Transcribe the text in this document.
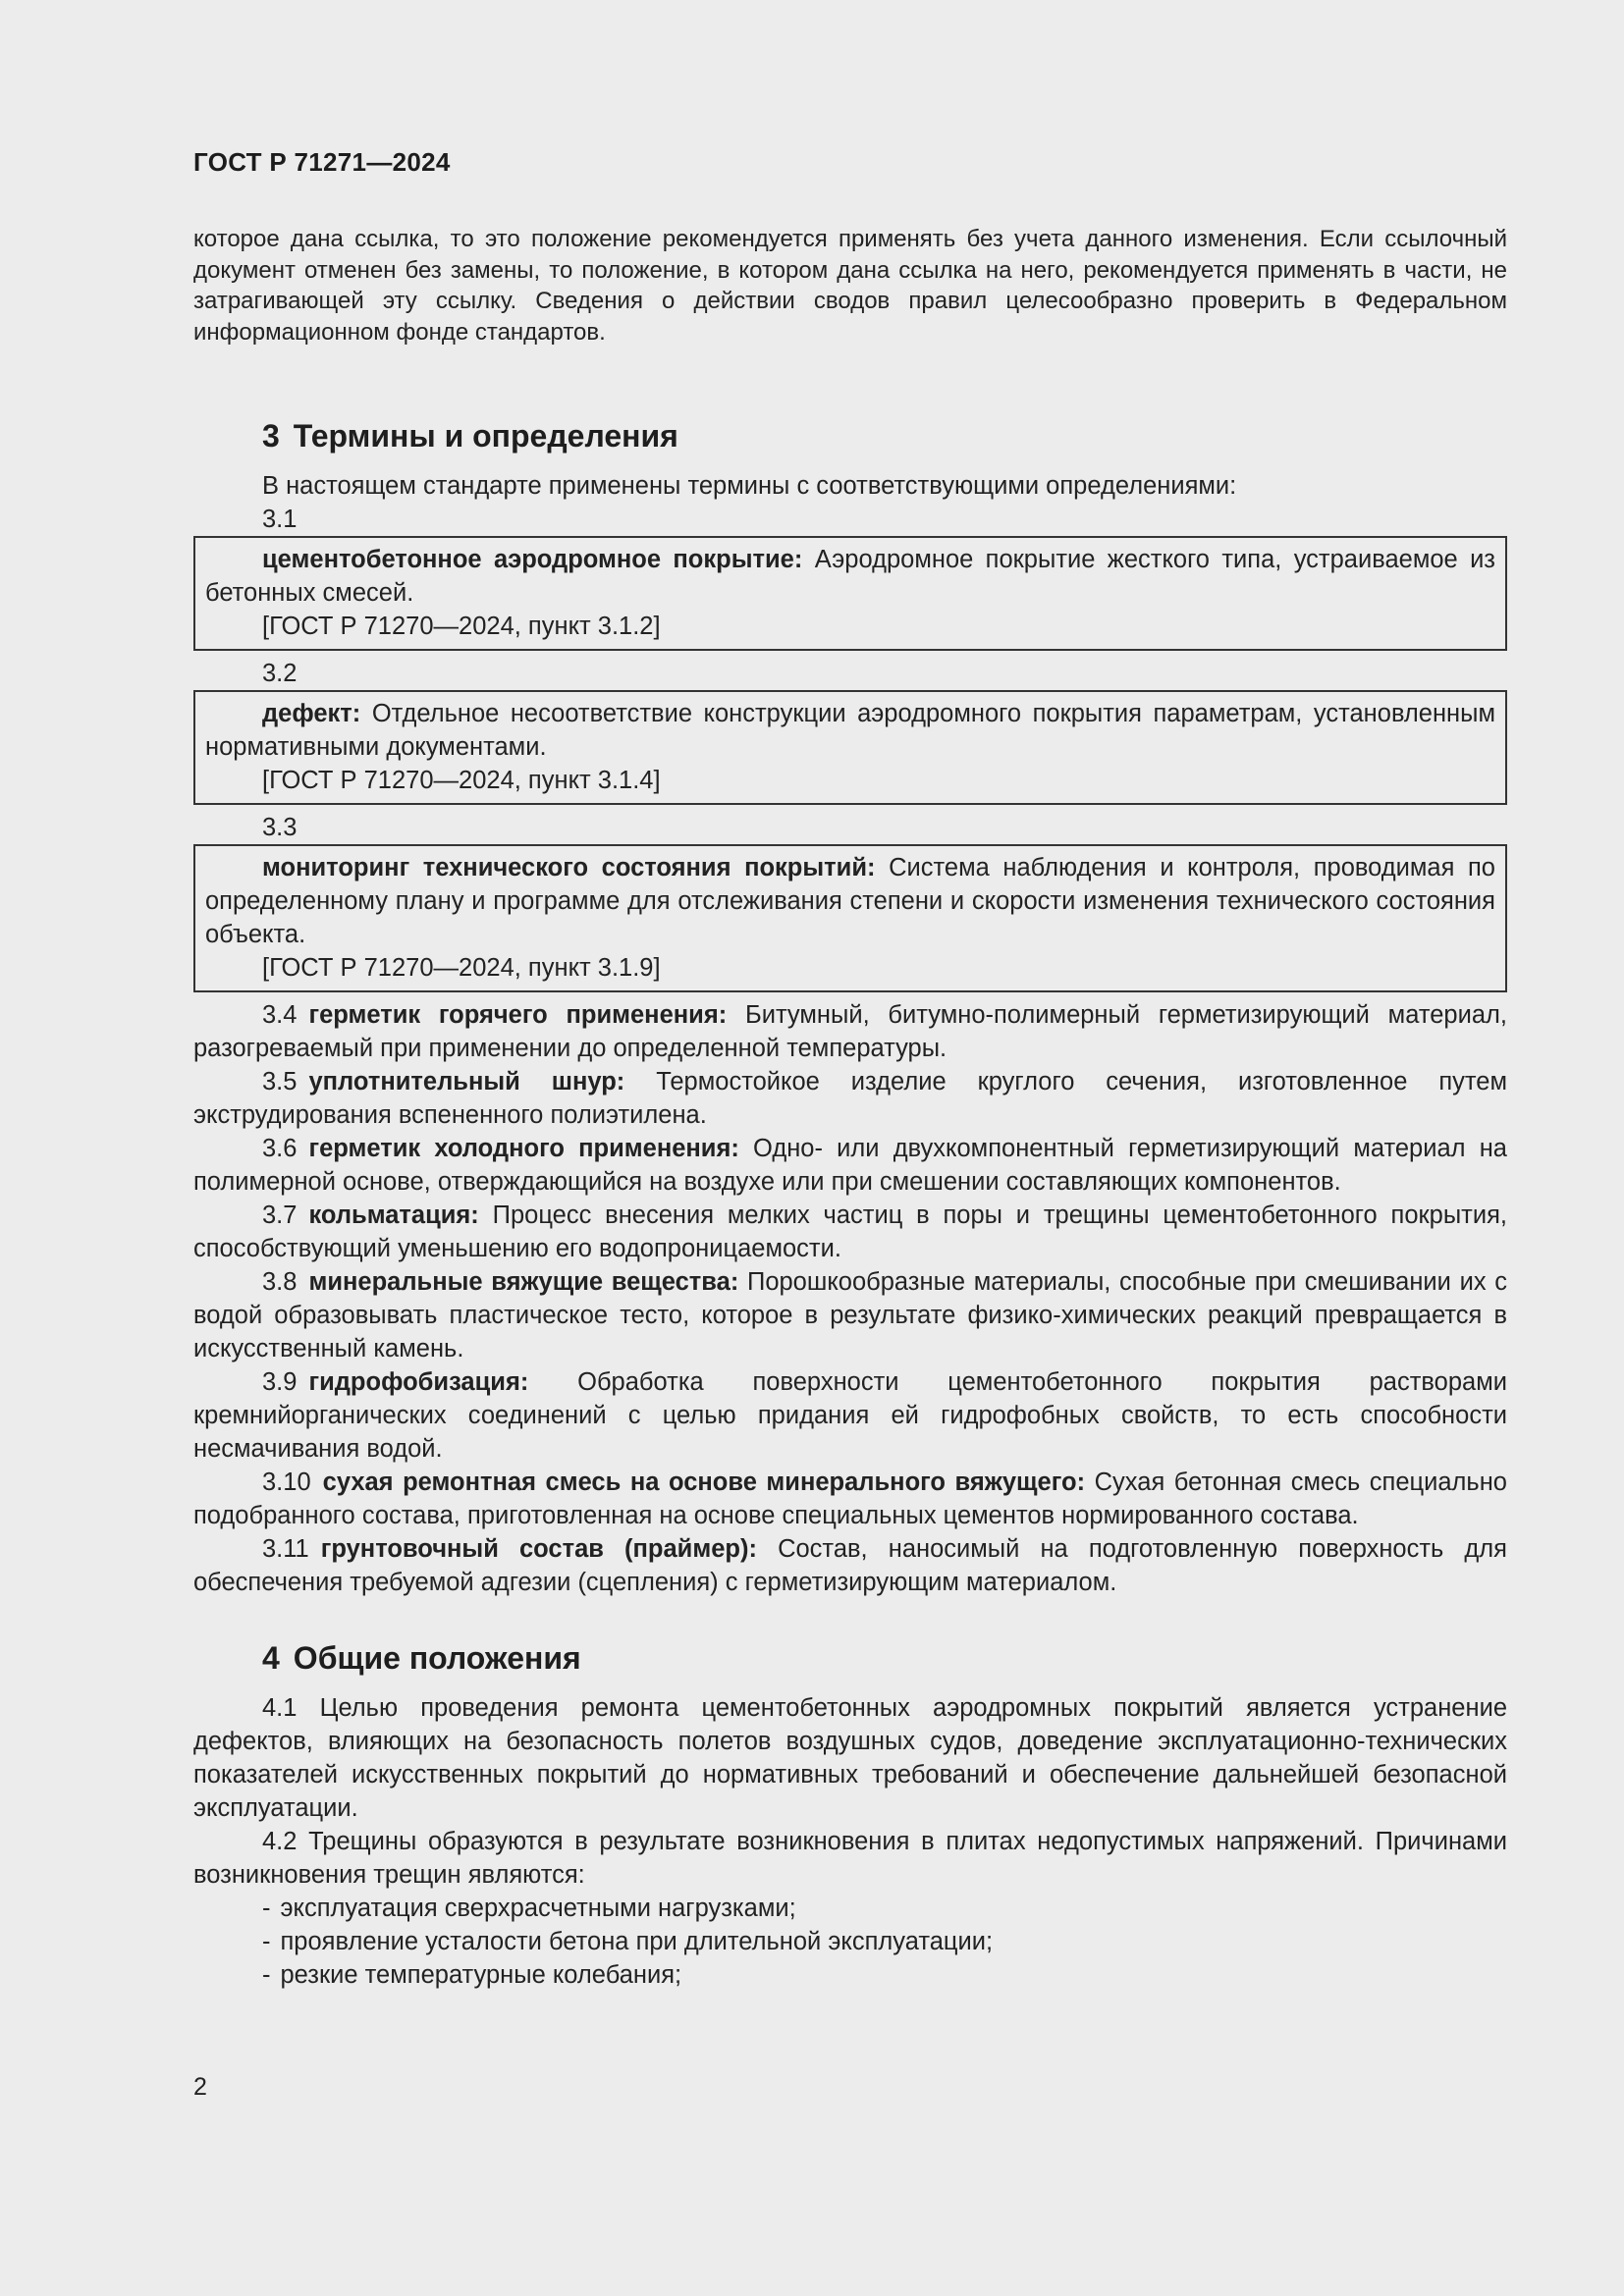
ГОСТ Р 71271—2024

которое дана ссылка, то это положение рекомендуется применять без учета данного изменения. Если ссылочный документ отменен без замены, то положение, в котором дана ссылка на него, рекомендуется применять в части, не затрагивающей эту ссылку. Сведения о действии сводов правил целесообразно проверить в Федеральном информационном фонде стандартов.

3 Термины и определения

В настоящем стандарте применены термины с соответствующими определениями:

3.1

цементобетонное аэродромное покрытие: Аэродромное покрытие жесткого типа, устраиваемое из бетонных смесей.

[ГОСТ Р 71270—2024, пункт 3.1.2]

3.2

дефект: Отдельное несоответствие конструкции аэродромного покрытия параметрам, установленным нормативными документами.

[ГОСТ Р 71270—2024, пункт 3.1.4]

3.3

мониторинг технического состояния покрытий: Система наблюдения и контроля, проводимая по определенному плану и программе для отслеживания степени и скорости изменения технического состояния объекта.

[ГОСТ Р 71270—2024, пункт 3.1.9]

3.4 герметик горячего применения: Битумный, битумно-полимерный герметизирующий материал, разогреваемый при применении до определенной температуры.

3.5 уплотнительный шнур: Термостойкое изделие круглого сечения, изготовленное путем экструдирования вспененного полиэтилена.

3.6 герметик холодного применения: Одно- или двухкомпонентный герметизирующий материал на полимерной основе, отверждающийся на воздухе или при смешении составляющих компонентов.

3.7 кольматация: Процесс внесения мелких частиц в поры и трещины цементобетонного покрытия, способствующий уменьшению его водопроницаемости.

3.8 минеральные вяжущие вещества: Порошкообразные материалы, способные при смешивании их с водой образовывать пластическое тесто, которое в результате физико-химических реакций превращается в искусственный камень.

3.9 гидрофобизация: Обработка поверхности цементобетонного покрытия растворами кремнийорганических соединений с целью придания ей гидрофобных свойств, то есть способности несмачивания водой.

3.10 сухая ремонтная смесь на основе минерального вяжущего: Сухая бетонная смесь специально подобранного состава, приготовленная на основе специальных цементов нормированного состава.

3.11 грунтовочный состав (праймер): Состав, наносимый на подготовленную поверхность для обеспечения требуемой адгезии (сцепления) с герметизирующим материалом.

4 Общие положения

4.1 Целью проведения ремонта цементобетонных аэродромных покрытий является устранение дефектов, влияющих на безопасность полетов воздушных судов, доведение эксплуатационно-технических показателей искусственных покрытий до нормативных требований и обеспечение дальнейшей безопасной эксплуатации.

4.2 Трещины образуются в результате возникновения в плитах недопустимых напряжений. Причинами возникновения трещин являются:

- эксплуатация сверхрасчетными нагрузками;

- проявление усталости бетона при длительной эксплуатации;

- резкие температурные колебания;

2
